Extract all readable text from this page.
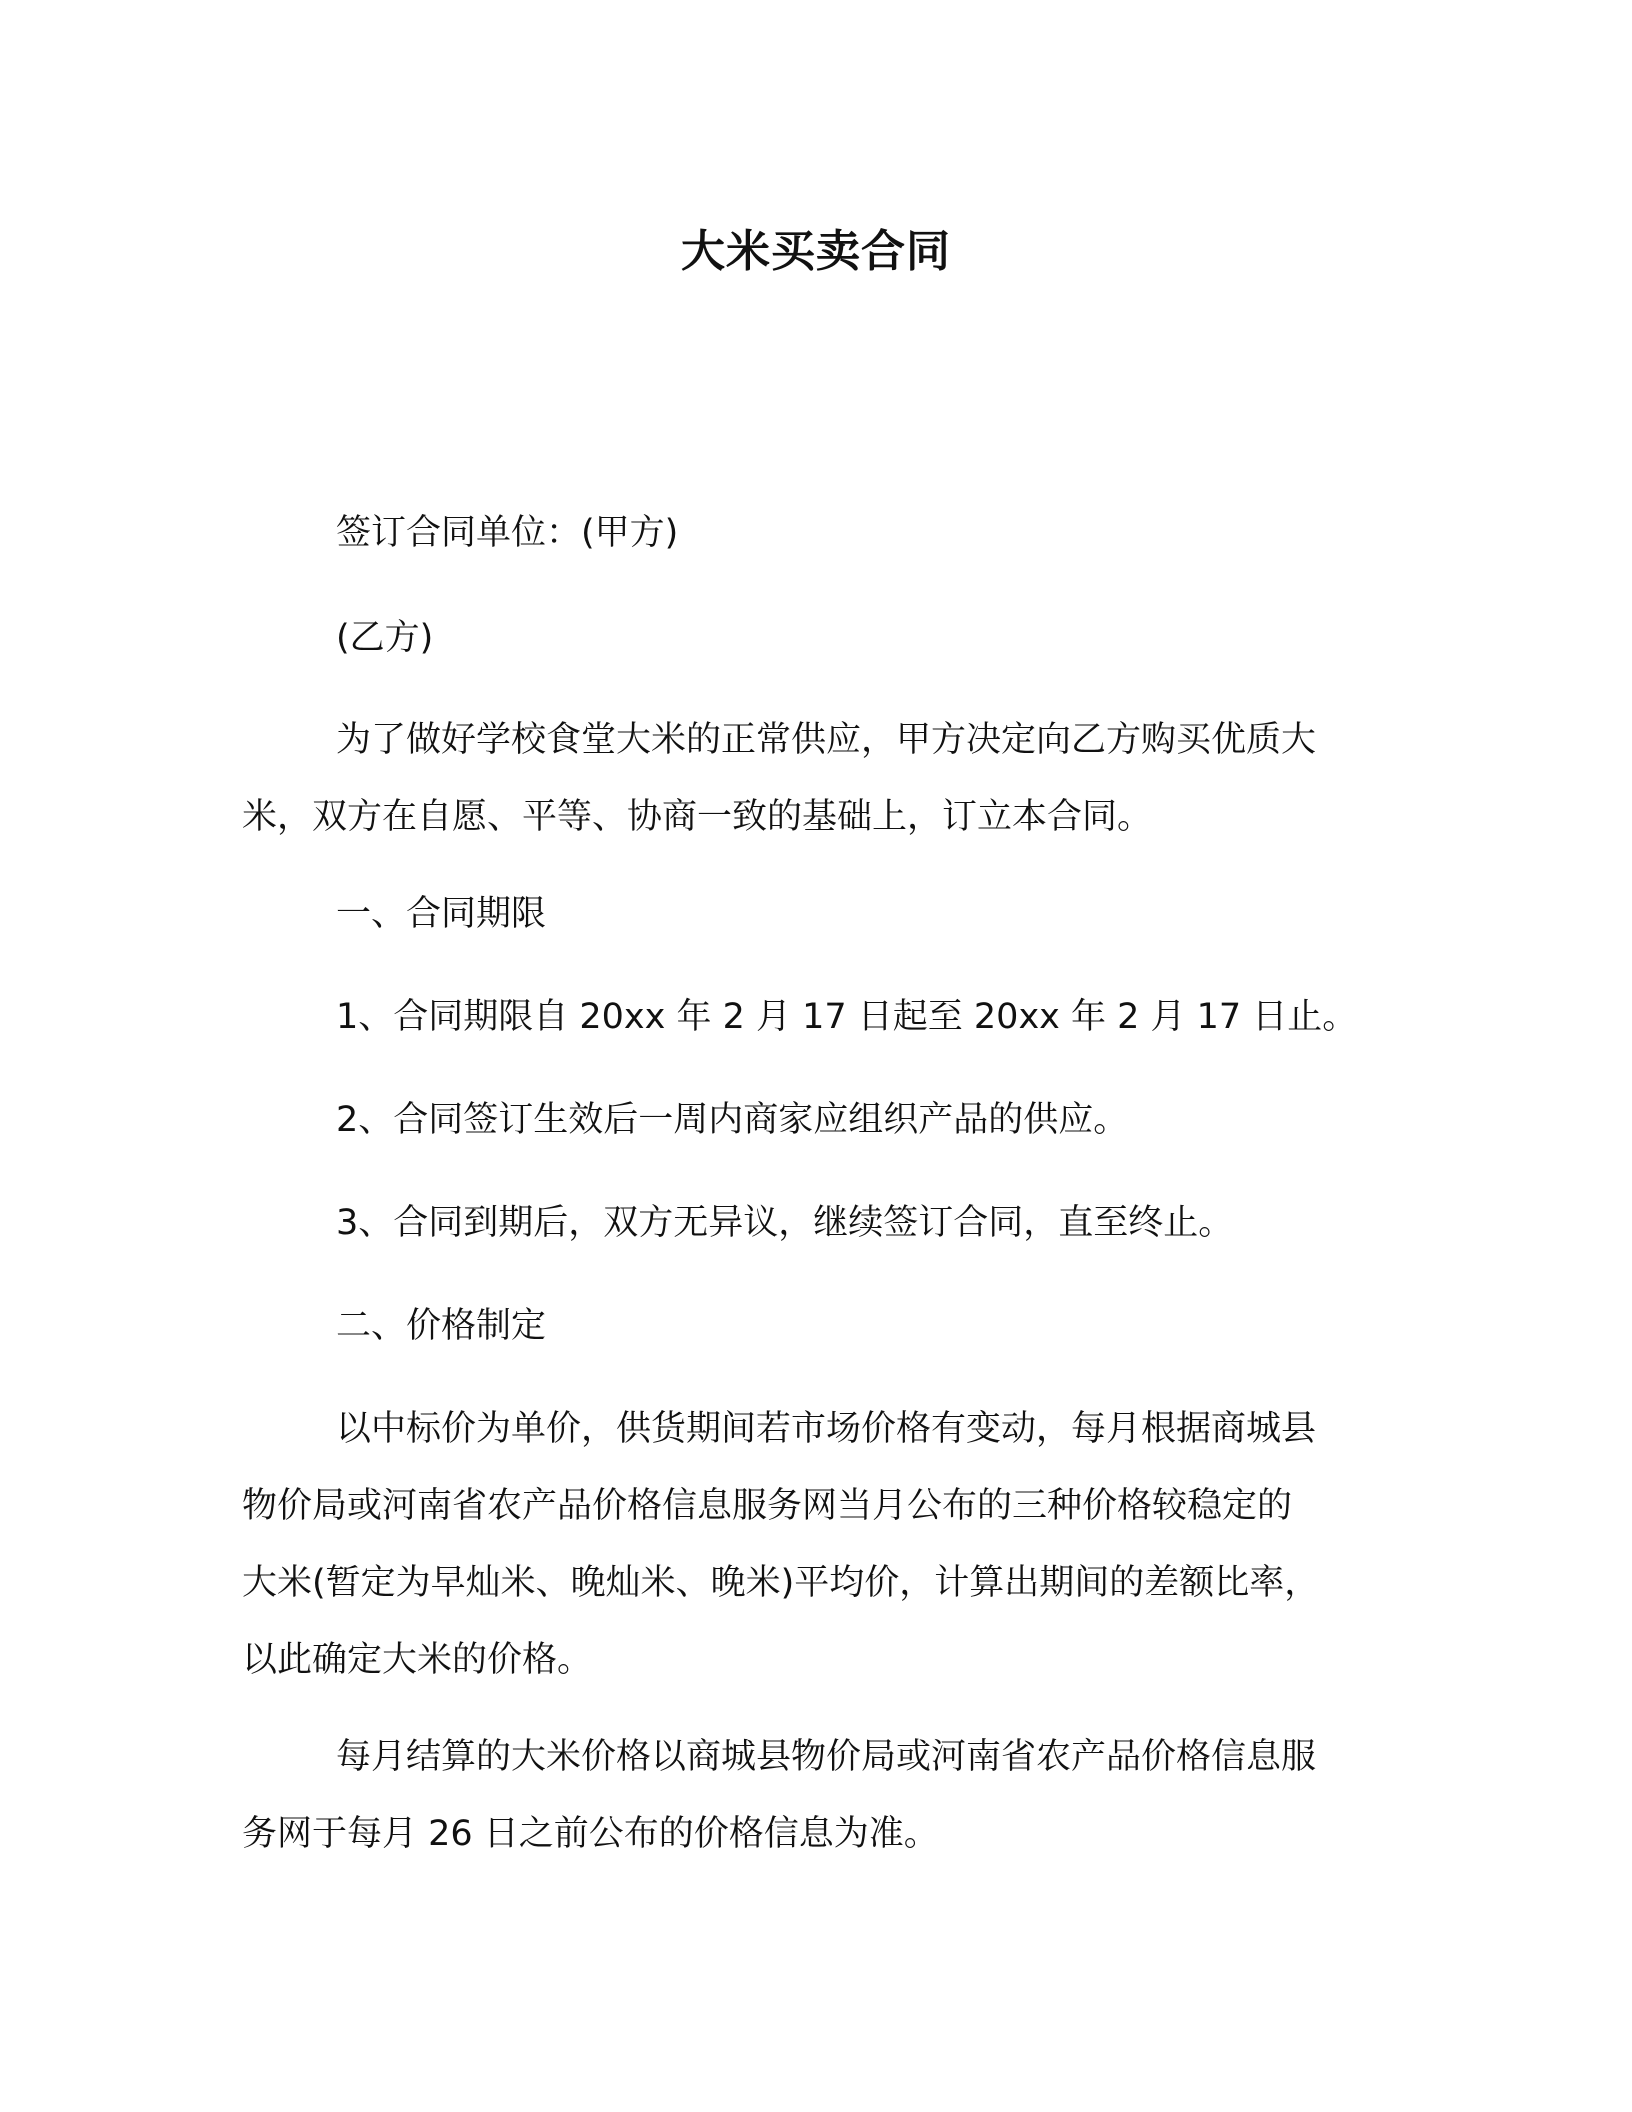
大米买卖合同

签订合同单位：(甲方)

(乙方)

为了做好学校食堂大米的正常供应，甲方决定向乙方购买优质大

米，双方在自愿、平等、协商一致的基础上，订立本合同。

一、合同期限

1、合同期限自 20xx 年 2 月 17 日起至 20xx 年 2 月 17 日止。

2、合同签订生效后一周内商家应组织产品的供应。

3、合同到期后，双方无异议，继续签订合同，直至终止。

二、价格制定

以中标价为单价，供货期间若市场价格有变动，每月根据商城县

物价局或河南省农产品价格信息服务网当月公布的三种价格较稳定的

大米(暂定为早灿米、晚灿米、晚米)平均价，计算出期间的差额比率，

以此确定大米的价格。

每月结算的大米价格以商城县物价局或河南省农产品价格信息服

务网于每月 26 日之前公布的价格信息为准。
